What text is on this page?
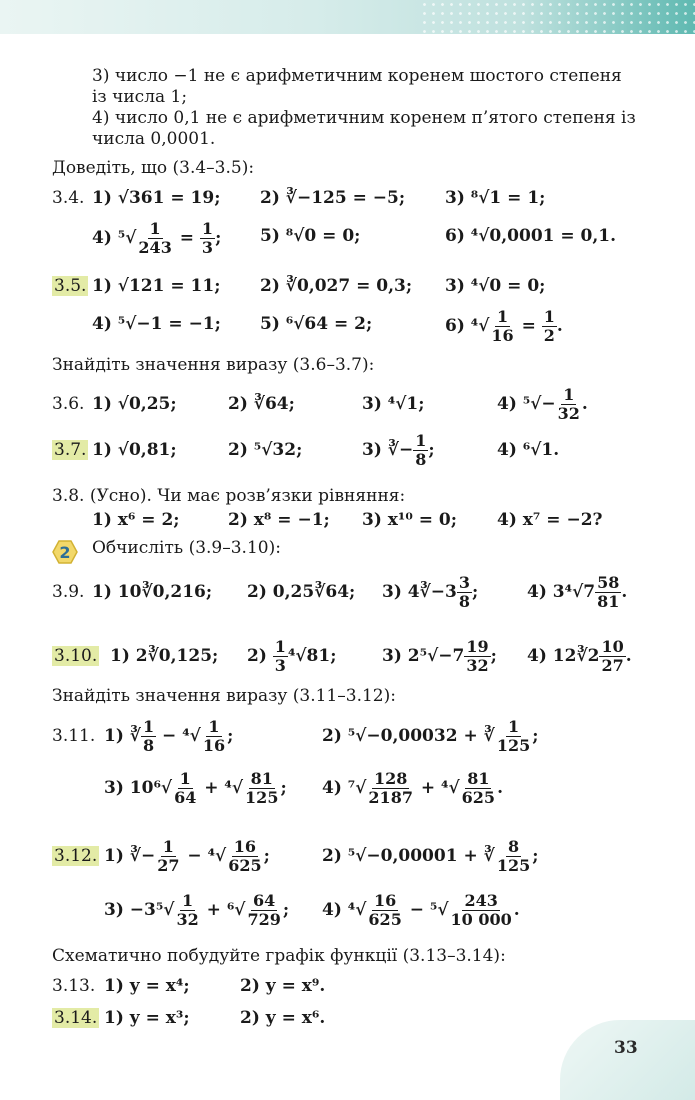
3) число −1 не є арифметичним коренем шостого степеня
із числа 1;
4) число 0,1 не є арифметичним коренем п’ятого степеня із
числа 0,0001.
Доведіть, що (3.4–3.5):
3.4. 1) √361 = 19; 2) ∛−125 = −5; 3) ⁸√1 = 1;
4) $^5√ \frac{1}{243} = \frac{1}{3}$ ; 5) ⁸√0 = 0;	6) ⁴√0,0001 = 0,1.
3.5. 1) √121 = 11; 2) ∛0,027 = 0,3; 3) ⁴√0 = 0;
4) ⁵√−1 = −1; 5) ⁶√64 = 2;	6) $^4√ \frac{1}{16} = \frac{1}{2}$ .
Знайдіть значення виразу (3.6–3.7):
3.6. 1) √0,25;	2) ∛64;	3) ⁴√1;	4) $^5√- \frac{1}{32}$ .
3.7. 1) √0,81;	2) ⁵√32;	3) ∛− $\frac{1}{8}$ ;	4) ⁶√1.
3.8. (Усно). Чи має розв’язки рівняння:
1) x⁶ = 2;	2) x⁸ = −1; 3) x¹⁰ = 0; 4) x⁷ = −2?
2 Обчисліть (3.9–3.10):
3.9. 1) 10∛0,216; 2) 0,25∛64; 3) 4∛−3 $\frac{3}{8}$ ;	4) $3^4√7 \frac{58}{81}$ .
3.10. 1) 2∛0,125; $2) \frac{1}{3} ^4√81$;	3) $2^5√-7 \frac{19}{32}$ ; 4) 12∛2 $\frac{10}{27}$ .
Знайдіть значення виразу (3.11–3.12):
3.11. 1) ∛ $\frac{1}{8} - ^4√ \frac{1}{16}$ ;	2) ⁵√−0,00032 + ∛ $\frac{1}{125}$ ;
3) $10^6√ \frac{1}{64} + ^4√ \frac{81}{125}$ ; 4) $^7√ \frac{128}{2187} + ^4√ \frac{81}{625}$ .
3.12. 1) ∛− $\frac{1}{27} - ^4√ \frac{16}{625}$ ;	2) ⁵√−0,00001 + ∛ $\frac{8}{125}$ ;
$3) -3^5√ \frac{1}{32} + ^6√ \frac{64}{729}$ ; 4) $^4√ \frac{16}{625} - ^5√ \frac{243}{10 000}$ .
Схематично побудуйте графік функції (3.13–3.14):
3.13. 1) y = x⁴;	2) y = x⁹.
3.14. 1) y = x³;	2) y = x⁶.
33
